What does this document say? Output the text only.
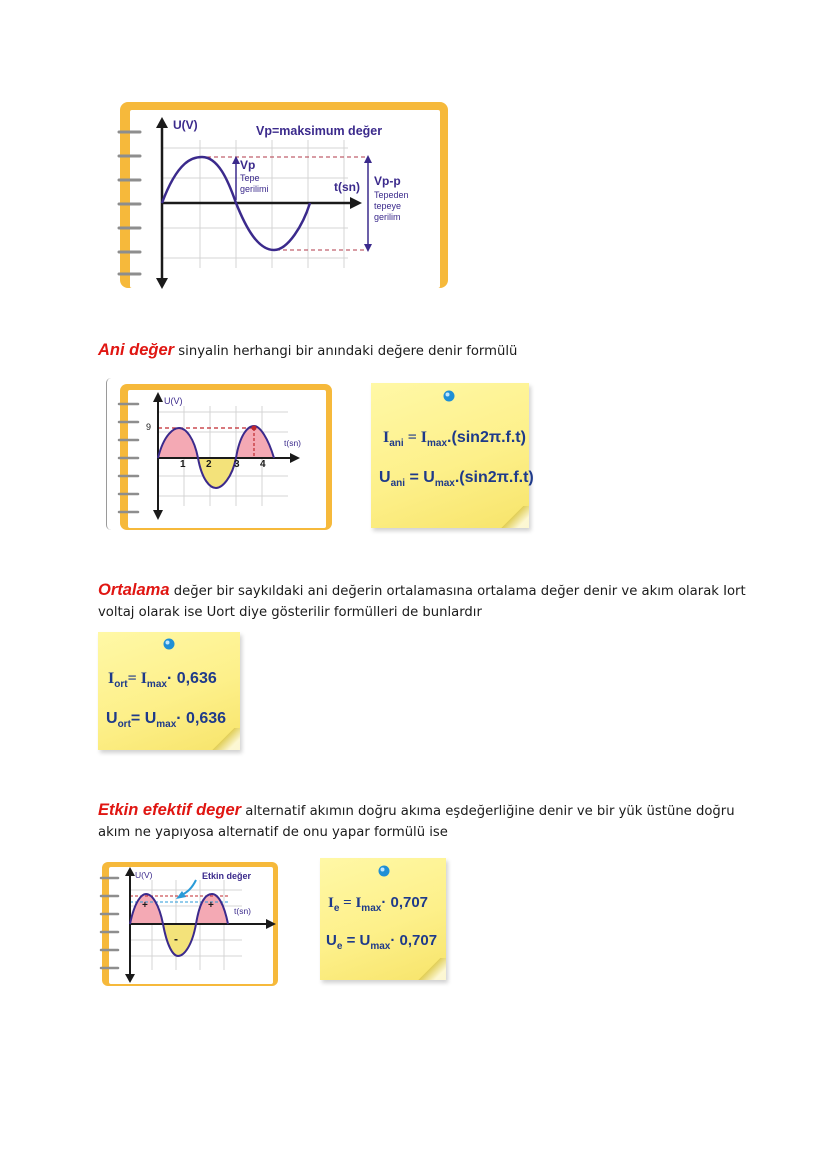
U(V)	Vp=maksimum değer
Vp
Tepe
gerilimi	t(sn) Vp-p
Tepeden
tepeye
gerilim
Ani değer sinyalin herhangi bir anındaki değere denir formülü
U(V)
9
t(sn)
1 2 3 4
$I_{ani} = I_{max}.(\sin 2\pi.f.t)$
$U_{ani} = U_{max}.(\sin 2\pi.f.t)$
Ortalama değer bir saykıldaki ani değerin ortalamasına ortalama değer denir ve akım olarak Iort voltaj olarak ise Uort diye gösterilir formülleri de bunlardır
$I_{ort}= I_{max}\cdot 0,636$
$U_{ort}= U_{max}\cdot 0,636$
Etkin efektif deger alternatif akımın doğru akıma eşdeğerliğine denir ve bir yük üstüne doğru akım ne yapıyosa alternatif de onu yapar formülü ise
U(V)	Etkin değer
t(sn)
+	+
-
$I_e = I_{max}\cdot 0,707$
$U_e = U_{max}\cdot 0,707$
